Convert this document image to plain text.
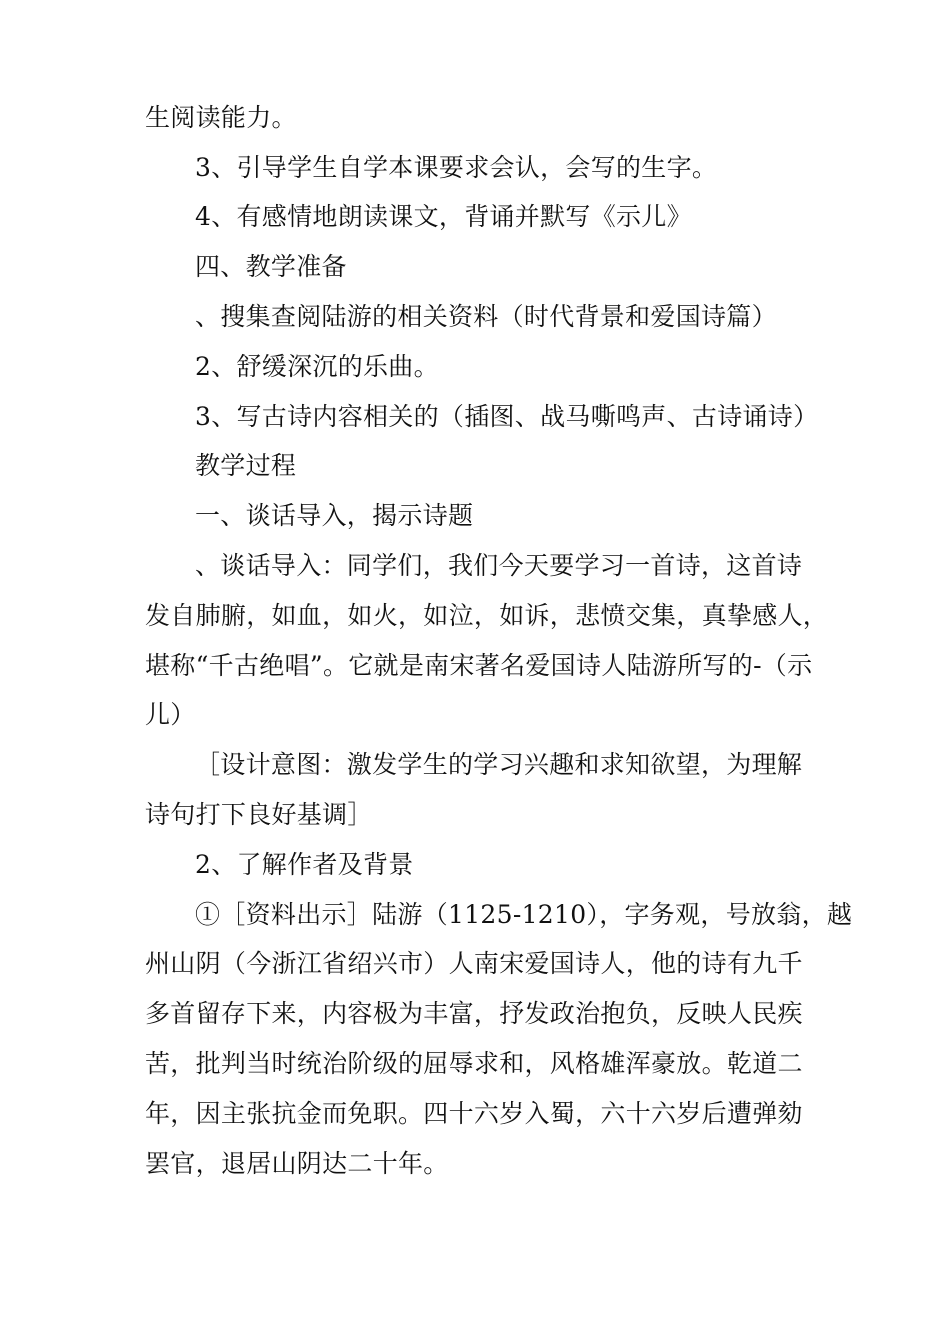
生阅读能力。
3、引导学生自学本课要求会认，会写的生字。
4、有感情地朗读课文，背诵并默写《示儿》
四、教学准备
、搜集查阅陆游的相关资料（时代背景和爱国诗篇）
2、舒缓深沉的乐曲。
3、写古诗内容相关的（插图、战马嘶鸣声、古诗诵诗）
教学过程
一、谈话导入，揭示诗题
、谈话导入：同学们，我们今天要学习一首诗，这首诗
发自肺腑，如血，如火，如泣，如诉，悲愤交集，真挚感人，
堪称“千古绝唱”。它就是南宋著名爱国诗人陆游所写的-（示
儿）
［设计意图：激发学生的学习兴趣和求知欲望，为理解
诗句打下良好基调］
2、了解作者及背景
①［资料出示］陆游（1125-1210），字务观，号放翁，越
州山阴（今浙江省绍兴市）人南宋爱国诗人，他的诗有九千
多首留存下来，内容极为丰富，抒发政治抱负，反映人民疾
苦，批判当时统治阶级的屈辱求和，风格雄浑豪放。乾道二
年，因主张抗金而免职。四十六岁入蜀，六十六岁后遭弹劾
罢官，退居山阴达二十年。
